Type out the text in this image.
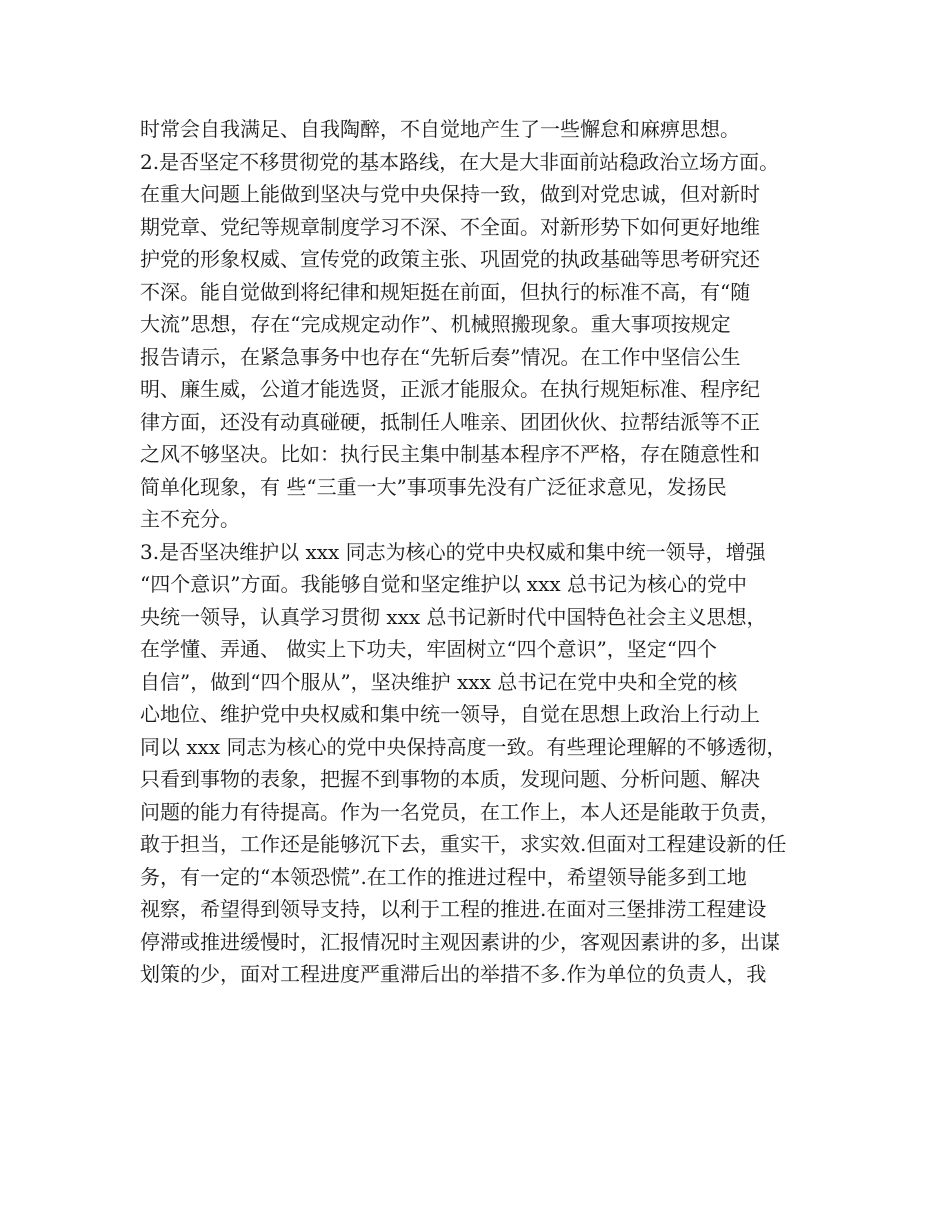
时常会自我满足、自我陶醉，不自觉地产生了一些懈怠和麻痹思想。
2.是否坚定不移贯彻党的基本路线，在大是大非面前站稳政治立场方面。
在重大问题上能做到坚决与党中央保持一致，做到对党忠诚，但对新时
期党章、党纪等规章制度学习不深、不全面。对新形势下如何更好地维
护党的形象权威、宣传党的政策主张、巩固党的执政基础等思考研究还
不深。能自觉做到将纪律和规矩挺在前面，但执行的标准不高，有“随
大流”思想，存在“完成规定动作”、机械照搬现象。重大事项按规定
报告请示，在紧急事务中也存在“先斩后奏”情况。在工作中坚信公生
明、廉生威，公道才能选贤，正派才能服众。在执行规矩标准、程序纪
律方面，还没有动真碰硬，抵制任人唯亲、团团伙伙、拉帮结派等不正
之风不够坚决。比如：执行民主集中制基本程序不严格，存在随意性和
简单化现象，有 些“三重一大”事项事先没有广泛征求意见，发扬民
主不充分。
3.是否坚决维护以 xxx 同志为核心的党中央权威和集中统一领导，增强
“四个意识”方面。我能够自觉和坚定维护以 xxx 总书记为核心的党中
央统一领导，认真学习贯彻 xxx 总书记新时代中国特色社会主义思想，
在学懂、弄通、 做实上下功夫，牢固树立“四个意识”，坚定“四个
自信”，做到“四个服从”，坚决维护 xxx 总书记在党中央和全党的核
心地位、维护党中央权威和集中统一领导，自觉在思想上政治上行动上
同以 xxx 同志为核心的党中央保持高度一致。有些理论理解的不够透彻，
只看到事物的表象，把握不到事物的本质，发现问题、分析问题、解决
问题的能力有待提高。作为一名党员，在工作上，本人还是能敢于负责，
敢于担当，工作还是能够沉下去，重实干，求实效.但面对工程建设新的任
务，有一定的“本领恐慌”.在工作的推进过程中，希望领导能多到工地
视察，希望得到领导支持，以利于工程的推进.在面对三堡排涝工程建设
停滞或推进缓慢时，汇报情况时主观因素讲的少，客观因素讲的多，出谋
划策的少，面对工程进度严重滞后出的举措不多.作为单位的负责人，我
